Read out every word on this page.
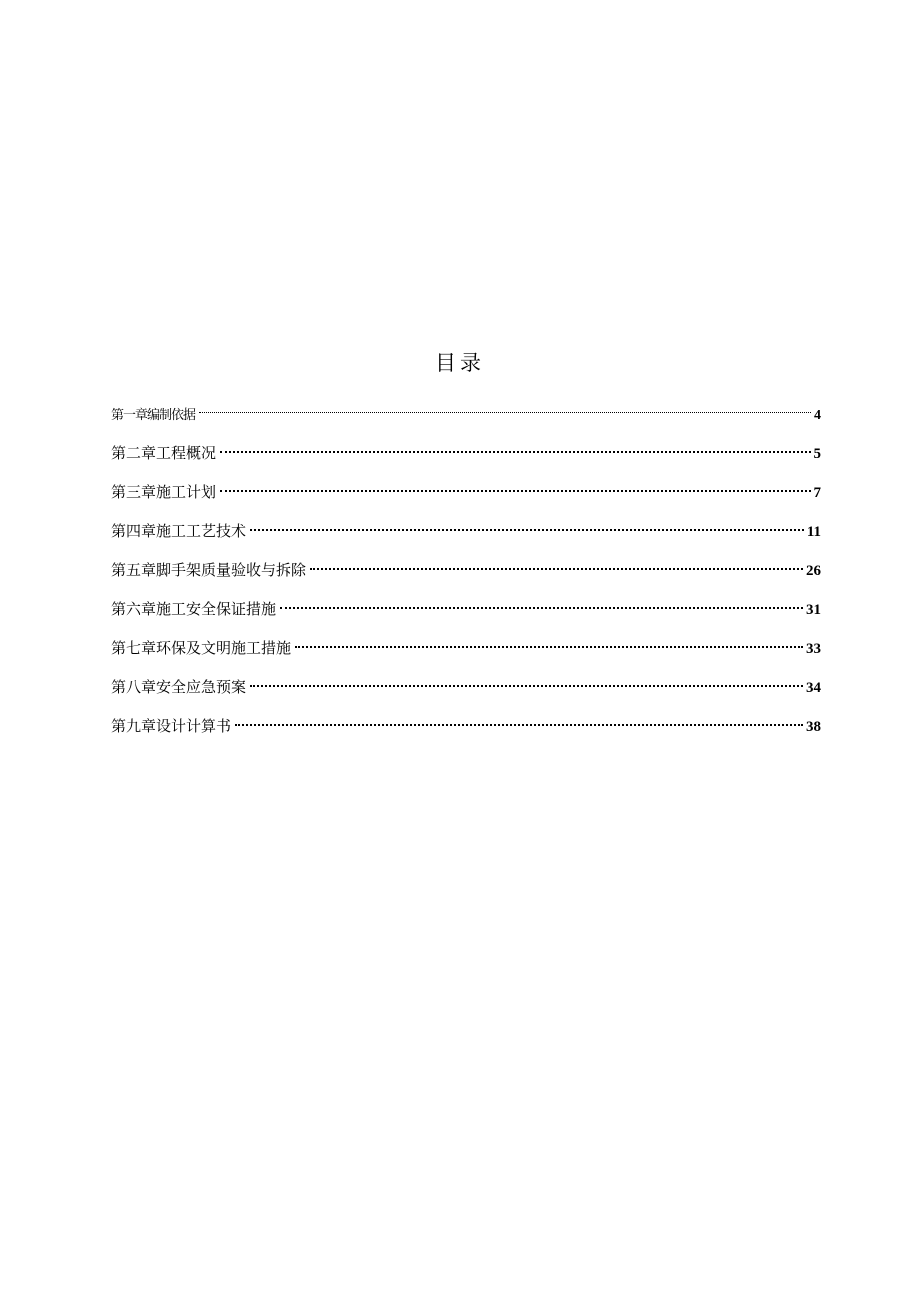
目录
第一章编制依据	4
第二章工程概况	5
第三章施工计划	7
第四章施工工艺技术	11
第五章脚手架质量验收与拆除	26
第六章施工安全保证措施	31
第七章环保及文明施工措施	33
第八章安全应急预案	34
第九章设计计算书	38
